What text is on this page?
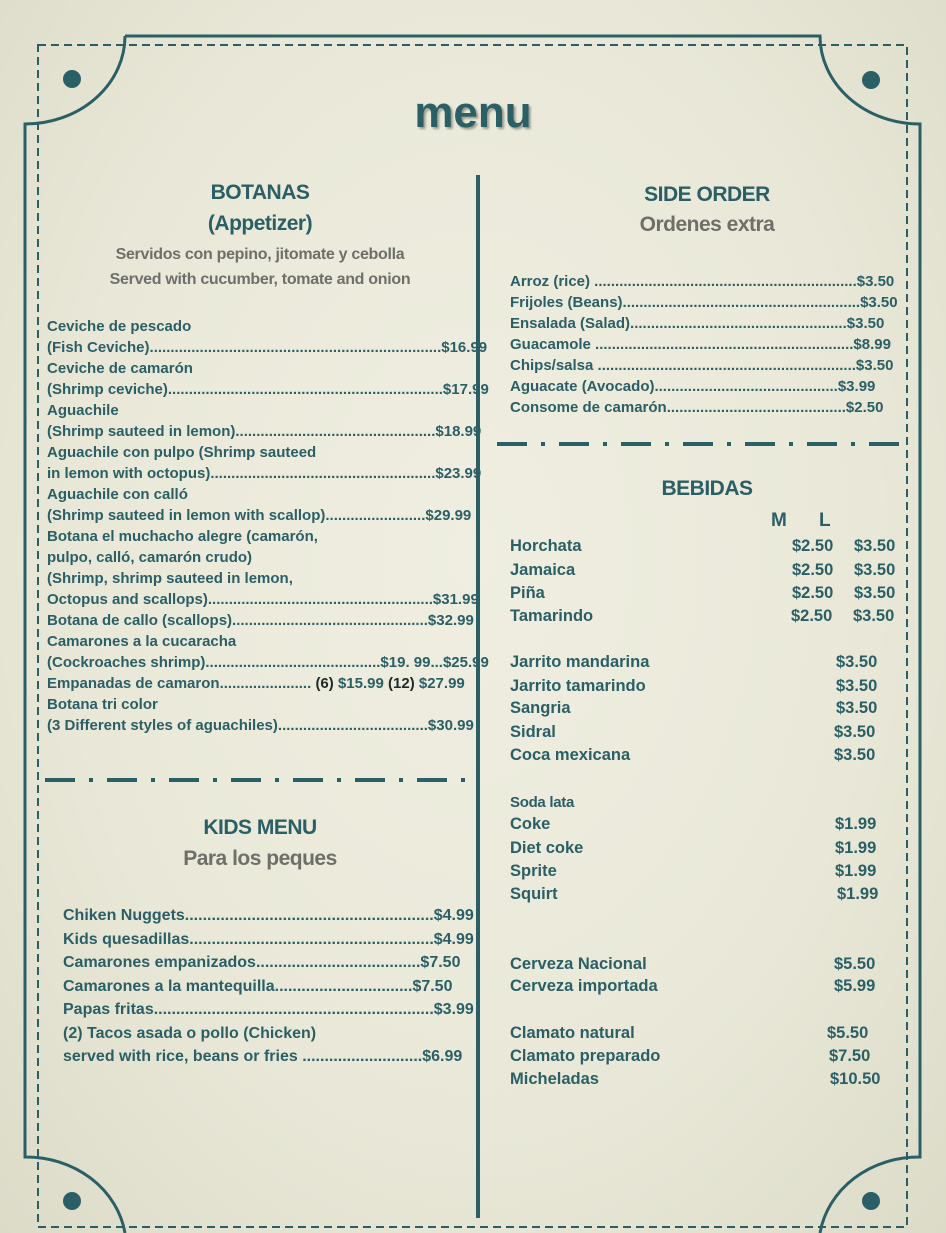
menu
BOTANAS
(Appetizer)
Servidos con pepino, jitomate y cebolla
Served with cucumber, tomate and onion
Ceviche de pescado
(Fish Ceviche)......................................................................$16.99
Ceviche de camarón
(Shrimp ceviche)..................................................................$17.99
Aguachile
(Shrimp sauteed in lemon)................................................$18.99
Aguachile con pulpo (Shrimp sauteed
in lemon with octopus)......................................................$23.99
Aguachile con calló
(Shrimp sauteed in lemon with scallop)........................$29.99
Botana el muchacho alegre (camarón,
pulpo, calló, camarón crudo)
(Shrimp, shrimp sauteed in lemon,
Octopus and scallops)......................................................$31.99
Botana de callo (scallops)...............................................$32.99
Camarones a la cucaracha
(Cockroaches shrimp)..........................................$19. 99...$25.99
Empanadas de camaron...................... (6) $15.99 (12) $27.99
Botana tri color
(3 Different styles of aguachiles)....................................$30.99
KIDS MENU
Para los peques
Chiken Nuggets........................................................$4.99
Kids quesadillas.......................................................$4.99
Camarones empanizados.....................................$7.50
Camarones a la mantequilla...............................$7.50
Papas fritas...............................................................$3.99
(2) Tacos asada o pollo (Chicken)
served with rice, beans or fries ...........................$6.99
SIDE ORDER
Ordenes extra
Arroz (rice) ...............................................................$3.50
Frijoles (Beans).........................................................$3.50
Ensalada (Salad)....................................................$3.50
Guacamole ..............................................................$8.99
Chips/salsa ..............................................................$3.50
Aguacate (Avocado)............................................$3.99
Consome de camarón...........................................$2.50
BEBIDAS
M L
Horchata	$2.50 $3.50
Jamaica	$2.50 $3.50
Piña	$2.50 $3.50
Tamarindo	$2.50 $3.50
Jarrito mandarina	$3.50
Jarrito tamarindo	$3.50
Sangria	$3.50
Sidral	$3.50
Coca mexicana	$3.50
Soda lata
Coke	$1.99
Diet coke	$1.99
Sprite	$1.99
Squirt	$1.99
Cerveza Nacional	$5.50
Cerveza importada	$5.99
Clamato natural	$5.50
Clamato preparado	$7.50
Micheladas	$10.50
